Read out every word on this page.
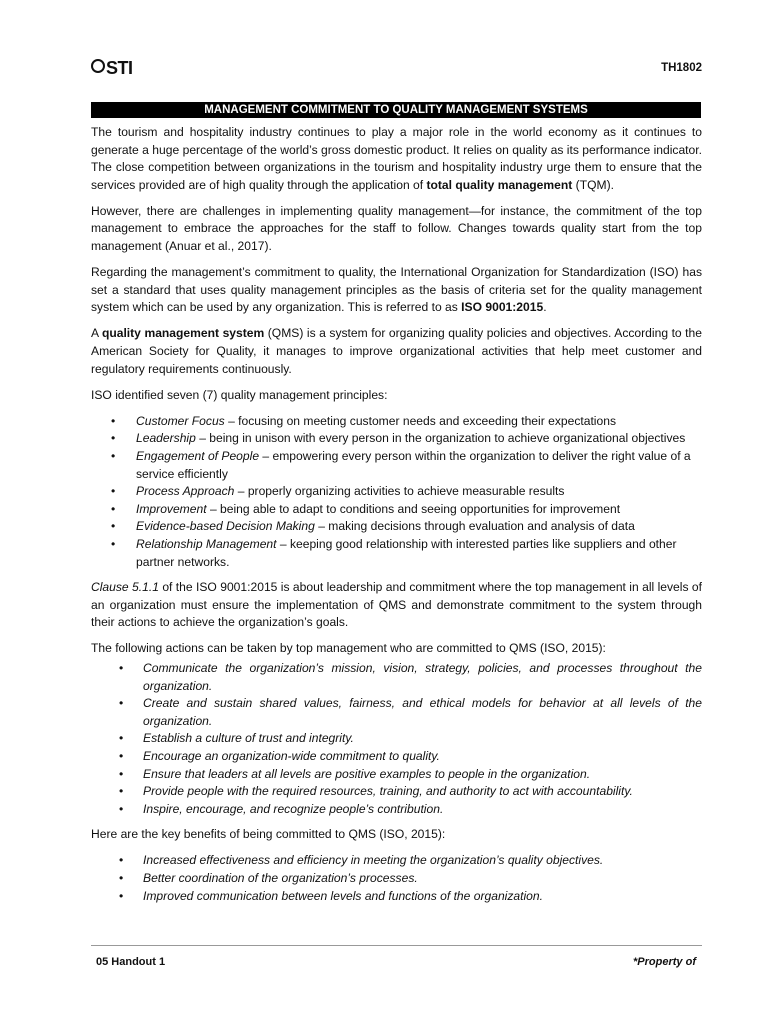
STI	TH1802
MANAGEMENT COMMITMENT TO QUALITY MANAGEMENT SYSTEMS

The tourism and hospitality industry continues to play a major role in the world economy as it continues to generate a huge percentage of the world’s gross domestic product. It relies on quality as its performance indicator. The close competition between organizations in the tourism and hospitality industry urge them to ensure that the services provided are of high quality through the application of total quality management (TQM).

However, there are challenges in implementing quality management—for instance, the commitment of the top management to embrace the approaches for the staff to follow. Changes towards quality start from the top management (Anuar et al., 2017).

Regarding the management’s commitment to quality, the International Organization for Standardization (ISO) has set a standard that uses quality management principles as the basis of criteria set for the quality management system which can be used by any organization. This is referred to as ISO 9001:2015.

A quality management system (QMS) is a system for organizing quality policies and objectives. According to the American Society for Quality, it manages to improve organizational activities that help meet customer and regulatory requirements continuously.

ISO identified seven (7) quality management principles:

• Customer Focus – focusing on meeting customer needs and exceeding their expectations
• Leadership – being in unison with every person in the organization to achieve organizational objectives
• Engagement of People – empowering every person within the organization to deliver the right value of a service efficiently
• Process Approach – properly organizing activities to achieve measurable results
• Improvement – being able to adapt to conditions and seeing opportunities for improvement
• Evidence-based Decision Making – making decisions through evaluation and analysis of data
• Relationship Management – keeping good relationship with interested parties like suppliers and other partner networks.

Clause 5.1.1 of the ISO 9001:2015 is about leadership and commitment where the top management in all levels of an organization must ensure the implementation of QMS and demonstrate commitment to the system through their actions to achieve the organization’s goals.

The following actions can be taken by top management who are committed to QMS (ISO, 2015):

• Communicate the organization’s mission, vision, strategy, policies, and processes throughout the organization.
• Create and sustain shared values, fairness, and ethical models for behavior at all levels of the organization.
• Establish a culture of trust and integrity.
• Encourage an organization-wide commitment to quality.
• Ensure that leaders at all levels are positive examples to people in the organization.
• Provide people with the required resources, training, and authority to act with accountability.
• Inspire, encourage, and recognize people’s contribution.

Here are the key benefits of being committed to QMS (ISO, 2015):

• Increased effectiveness and efficiency in meeting the organization’s quality objectives.
• Better coordination of the organization’s processes.
• Improved communication between levels and functions of the organization.
05 Handout 1	*Property of
